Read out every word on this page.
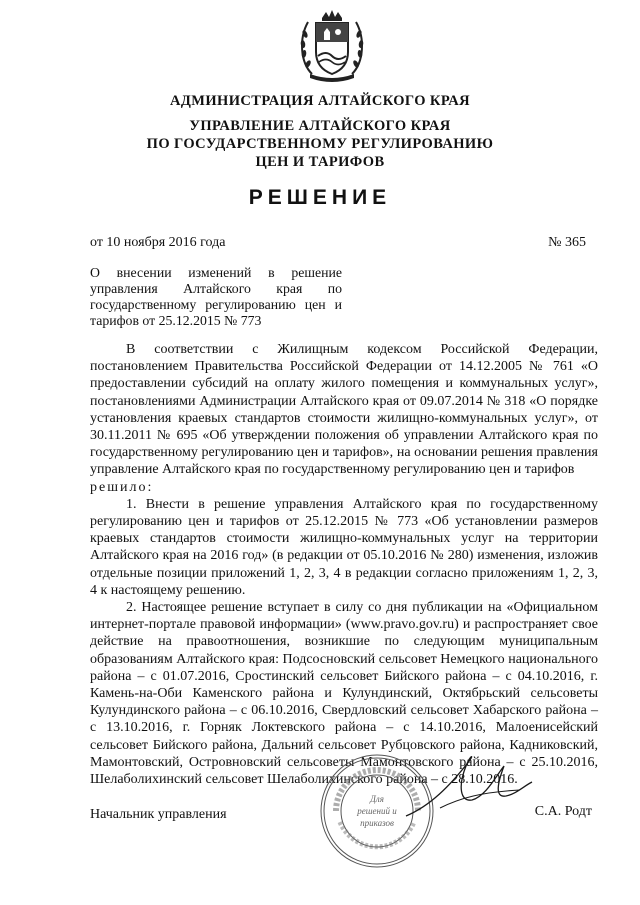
АДМИНИСТРАЦИЯ АЛТАЙСКОГО КРАЯ
УПРАВЛЕНИЕ АЛТАЙСКОГО КРАЯ
ПО ГОСУДАРСТВЕННОМУ РЕГУЛИРОВАНИЮ
ЦЕН И ТАРИФОВ
РЕШЕНИЕ
от 10 ноября 2016 года	№ 365
О внесении изменений в решение управления Алтайского края по государственному регулированию цен и тарифов от 25.12.2015 № 773

В соответствии с Жилищным кодексом Российской Федерации, постановлением Правительства Российской Федерации от 14.12.2005 № 761 «О предоставлении субсидий на оплату жилого помещения и коммунальных услуг», постановлениями Администрации Алтайского края от 09.07.2014 № 318 «О порядке установления краевых стандартов стоимости жилищно-коммунальных услуг», от 30.11.2011 № 695 «Об утверждении положения об управлении Алтайского края по государственному регулированию цен и тарифов», на основании решения правления управление Алтайского края по государственному регулированию цен и тарифов

решило:

1. Внести в решение управления Алтайского края по государственному регулированию цен и тарифов от 25.12.2015 № 773 «Об установлении размеров краевых стандартов стоимости жилищно-коммунальных услуг на территории Алтайского края на 2016 год» (в редакции от 05.10.2016 № 280) изменения, изложив отдельные позиции приложений 1, 2, 3, 4 в редакции согласно приложениям 1, 2, 3, 4 к настоящему решению.

2. Настоящее решение вступает в силу со дня публикации на «Официальном интернет-портале правовой информации» (www.pravo.gov.ru) и распространяет свое действие на правоотношения, возникшие по следующим муниципальным образованиям Алтайского края: Подсосновский сельсовет Немецкого национального района – с 01.07.2016, Сростинский сельсовет Бийского района – с 04.10.2016, г. Камень-на-Оби Каменского района и Кулундинский, Октябрьский сельсоветы Кулундинского района – с 06.10.2016, Свердловский сельсовет Хабарского района – с 13.10.2016, г. Горняк Локтевского района – с 14.10.2016, Малоенисейский сельсовет Бийского района, Дальний сельсовет Рубцовского района, Кадниковский, Мамонтовский, Островновский сельсоветы Мамонтовского района – с 25.10.2016, Шелаболихинский сельсовет Шелаболихинского района – с 28.10.2016.

Для
решений и
приказов
Начальник управления	С.А. Родт
